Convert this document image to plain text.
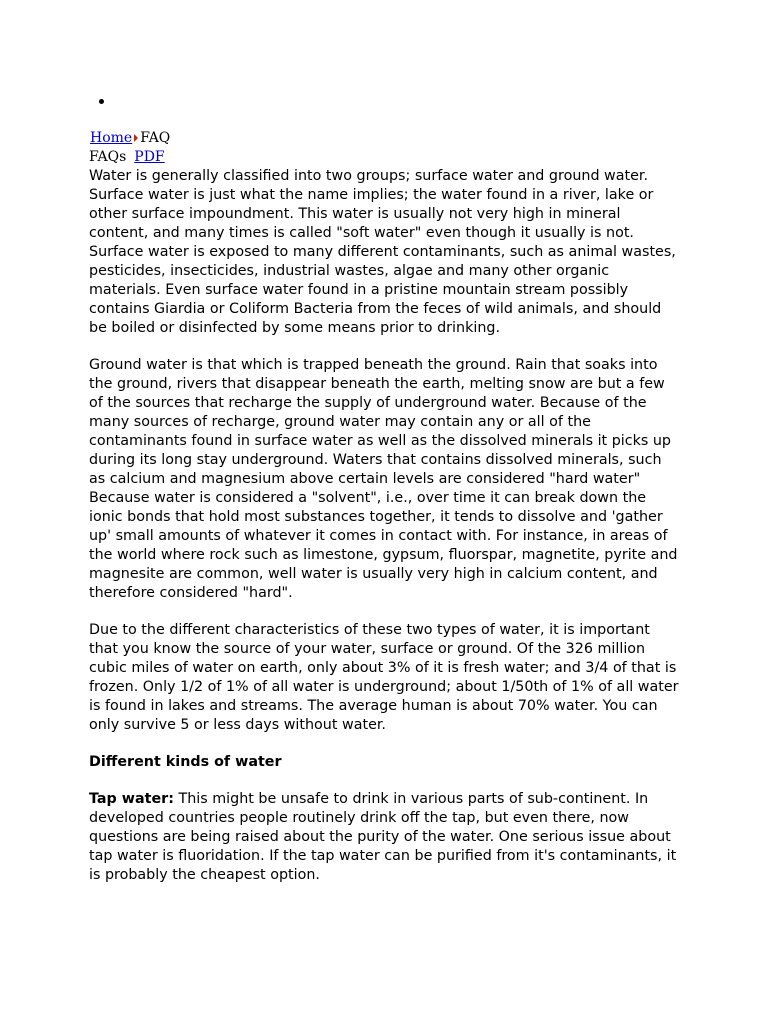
Home FAQ
FAQs PDF

Water is generally classified into two groups; surface water and ground water. Surface water is just what the name implies; the water found in a river, lake or other surface impoundment. This water is usually not very high in mineral content, and many times is called "soft water" even though it usually is not. Surface water is exposed to many different contaminants, such as animal wastes, pesticides, insecticides, industrial wastes, algae and many other organic materials. Even surface water found in a pristine mountain stream possibly contains Giardia or Coliform Bacteria from the feces of wild animals, and should be boiled or disinfected by some means prior to drinking.

Ground water is that which is trapped beneath the ground. Rain that soaks into the ground, rivers that disappear beneath the earth, melting snow are but a few of the sources that recharge the supply of underground water. Because of the many sources of recharge, ground water may contain any or all of the contaminants found in surface water as well as the dissolved minerals it picks up during its long stay underground. Waters that contains dissolved minerals, such as calcium and magnesium above certain levels are considered "hard water" Because water is considered a "solvent", i.e., over time it can break down the ionic bonds that hold most substances together, it tends to dissolve and 'gather up' small amounts of whatever it comes in contact with. For instance, in areas of the world where rock such as limestone, gypsum, fluorspar, magnetite, pyrite and magnesite are common, well water is usually very high in calcium content, and therefore considered "hard".

Due to the different characteristics of these two types of water, it is important that you know the source of your water, surface or ground. Of the 326 million cubic miles of water on earth, only about 3% of it is fresh water; and 3/4 of that is frozen. Only 1/2 of 1% of all water is underground; about 1/50th of 1% of all water is found in lakes and streams. The average human is about 70% water. You can only survive 5 or less days without water.

Different kinds of water

Tap water: This might be unsafe to drink in various parts of sub-continent. In developed countries people routinely drink off the tap, but even there, now questions are being raised about the purity of the water. One serious issue about tap water is fluoridation. If the tap water can be purified from it's contaminants, it is probably the cheapest option.
